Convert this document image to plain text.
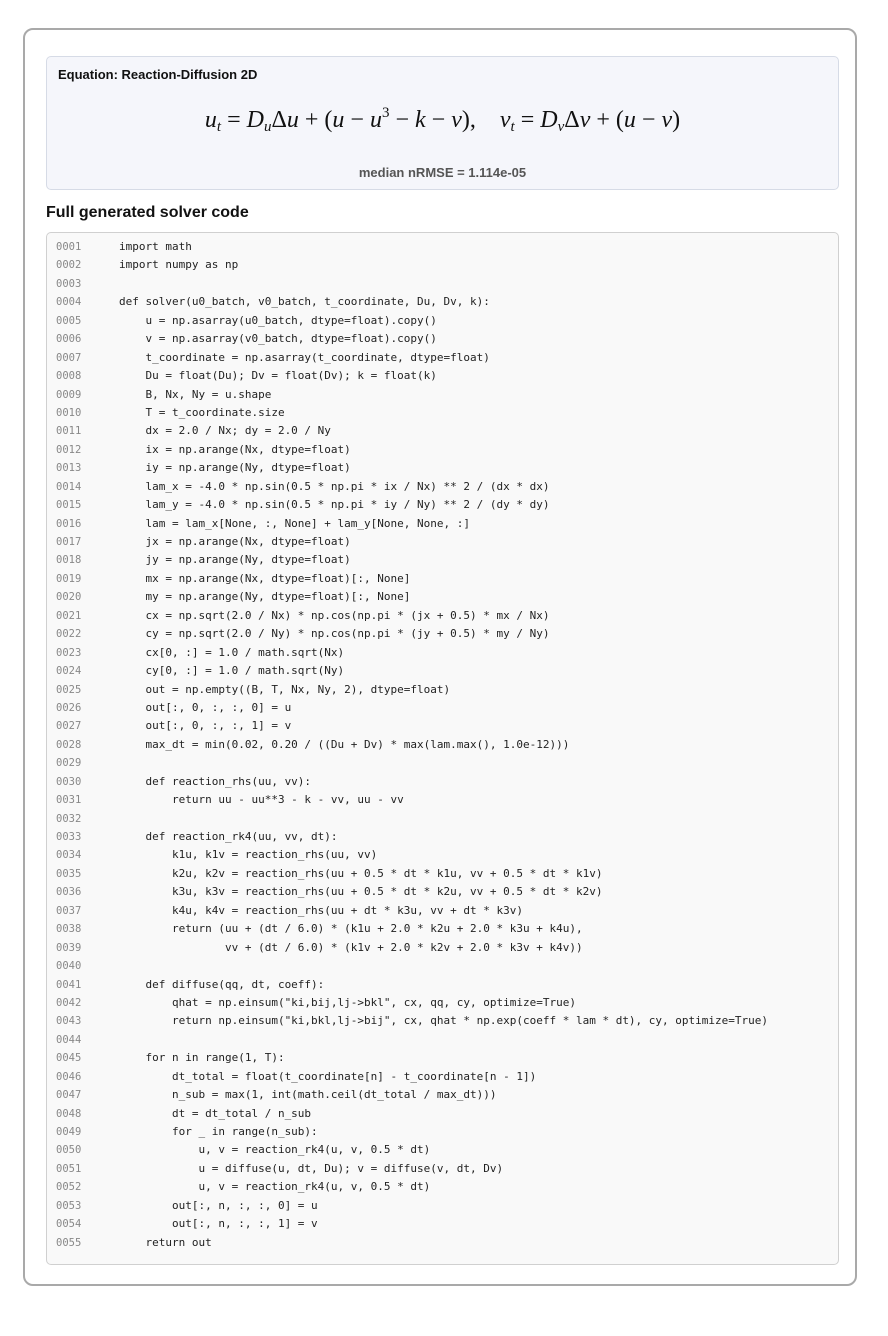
Equation: Reaction-Diffusion 2D
$u_t = D_u\Delta u + (u - u^3 - k - v)$,    $v_t = D_v\Delta v + (u - v)$
median nRMSE = 1.114e-05
Full generated solver code
0001	import math
0002	import numpy as np
0003
0004	def solver(u0_batch, v0_batch, t_coordinate, Du, Dv, k):
0005	u = np.asarray(u0_batch, dtype=float).copy()
0006	v = np.asarray(v0_batch, dtype=float).copy()
0007	t_coordinate = np.asarray(t_coordinate, dtype=float)
0008	Du = float(Du); Dv = float(Dv); k = float(k)
0009	B, Nx, Ny = u.shape
0010	T = t_coordinate.size
0011	dx = 2.0 / Nx; dy = 2.0 / Ny
0012	ix = np.arange(Nx, dtype=float)
0013	iy = np.arange(Ny, dtype=float)
0014	lam_x = -4.0 * np.sin(0.5 * np.pi * ix / Nx) ** 2 / (dx * dx)
0015	lam_y = -4.0 * np.sin(0.5 * np.pi * iy / Ny) ** 2 / (dy * dy)
0016	lam = lam_x[None, :, None] + lam_y[None, None, :]
0017	jx = np.arange(Nx, dtype=float)
0018	jy = np.arange(Ny, dtype=float)
0019	mx = np.arange(Nx, dtype=float)[:, None]
0020	my = np.arange(Ny, dtype=float)[:, None]
0021	cx = np.sqrt(2.0 / Nx) * np.cos(np.pi * (jx + 0.5) * mx / Nx)
0022	cy = np.sqrt(2.0 / Ny) * np.cos(np.pi * (jy + 0.5) * my / Ny)
0023	cx[0, :] = 1.0 / math.sqrt(Nx)
0024	cy[0, :] = 1.0 / math.sqrt(Ny)
0025	out = np.empty((B, T, Nx, Ny, 2), dtype=float)
0026	out[:, 0, :, :, 0] = u
0027	out[:, 0, :, :, 1] = v
0028	max_dt = min(0.02, 0.20 / ((Du + Dv) * max(lam.max(), 1.0e-12)))
0029
0030	def reaction_rhs(uu, vv):
0031	return uu - uu**3 - k - vv, uu - vv
0032
0033	def reaction_rk4(uu, vv, dt):
0034	k1u, k1v = reaction_rhs(uu, vv)
0035	k2u, k2v = reaction_rhs(uu + 0.5 * dt * k1u, vv + 0.5 * dt * k1v)
0036	k3u, k3v = reaction_rhs(uu + 0.5 * dt * k2u, vv + 0.5 * dt * k2v)
0037	k4u, k4v = reaction_rhs(uu + dt * k3u, vv + dt * k3v)
0038	return (uu + (dt / 6.0) * (k1u + 2.0 * k2u + 2.0 * k3u + k4u),
0039	vv + (dt / 6.0) * (k1v + 2.0 * k2v + 2.0 * k3v + k4v))
0040
0041	def diffuse(qq, dt, coeff):
0042	qhat = np.einsum("ki,bij,lj->bkl", cx, qq, cy, optimize=True)
0043	return np.einsum("ki,bkl,lj->bij", cx, qhat * np.exp(coeff * lam * dt), cy, optimize=True)
0044
0045	for n in range(1, T):
0046	dt_total = float(t_coordinate[n] - t_coordinate[n - 1])
0047	n_sub = max(1, int(math.ceil(dt_total / max_dt)))
0048	dt = dt_total / n_sub
0049	for _ in range(n_sub):
0050	u, v = reaction_rk4(u, v, 0.5 * dt)
0051	u = diffuse(u, dt, Du); v = diffuse(v, dt, Dv)
0052	u, v = reaction_rk4(u, v, 0.5 * dt)
0053	out[:, n, :, :, 0] = u
0054	out[:, n, :, :, 1] = v
0055	return out
